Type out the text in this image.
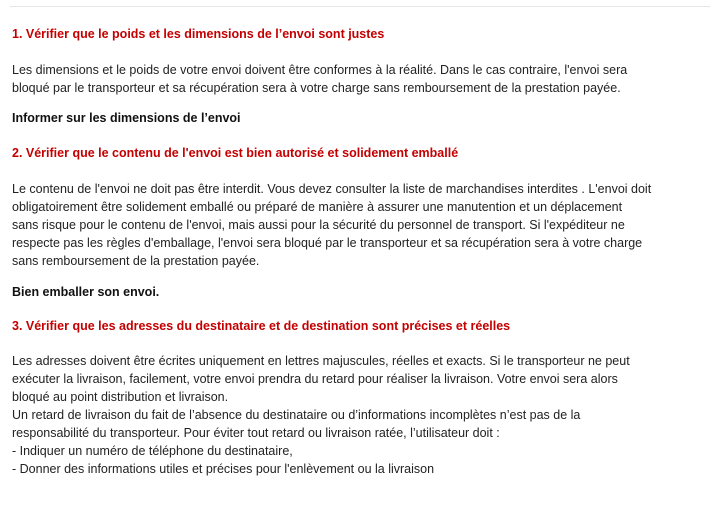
1. Vérifier que le poids et les dimensions de l’envoi sont justes

Les dimensions et le poids de votre envoi doivent être conformes à la réalité. Dans le cas contraire, l'envoi sera
bloqué par le transporteur et sa récupération sera à votre charge sans remboursement de la prestation payée.

Informer sur les dimensions de l’envoi
2. Vérifier que le contenu de l'envoi est bien autorisé et solidement emballé

Le contenu de l'envoi ne doit pas être interdit. Vous devez consulter la liste de marchandises interdites . L'envoi doit
obligatoirement être solidement emballé ou préparé de manière à assurer une manutention et un déplacement
sans risque pour le contenu de l'envoi, mais aussi pour la sécurité du personnel de transport. Si l'expéditeur ne
respecte pas les règles d'emballage, l'envoi sera bloqué par le transporteur et sa récupération sera à votre charge
sans remboursement de la prestation payée.

Bien emballer son envoi.
3. Vérifier que les adresses du destinataire et de destination sont précises et réelles

Les adresses doivent être écrites uniquement en lettres majuscules, réelles et exacts. Si le transporteur ne peut
exécuter la livraison, facilement, votre envoi prendra du retard pour réaliser la livraison. Votre envoi sera alors
bloqué au point distribution et livraison.
Un retard de livraison du fait de l’absence du destinataire ou d’informations incomplètes n’est pas de la
responsabilité du transporteur. Pour éviter tout retard ou livraison ratée, l’utilisateur doit :
- Indiquer un numéro de téléphone du destinataire,
- Donner des informations utiles et précises pour l'enlèvement ou la livraison
